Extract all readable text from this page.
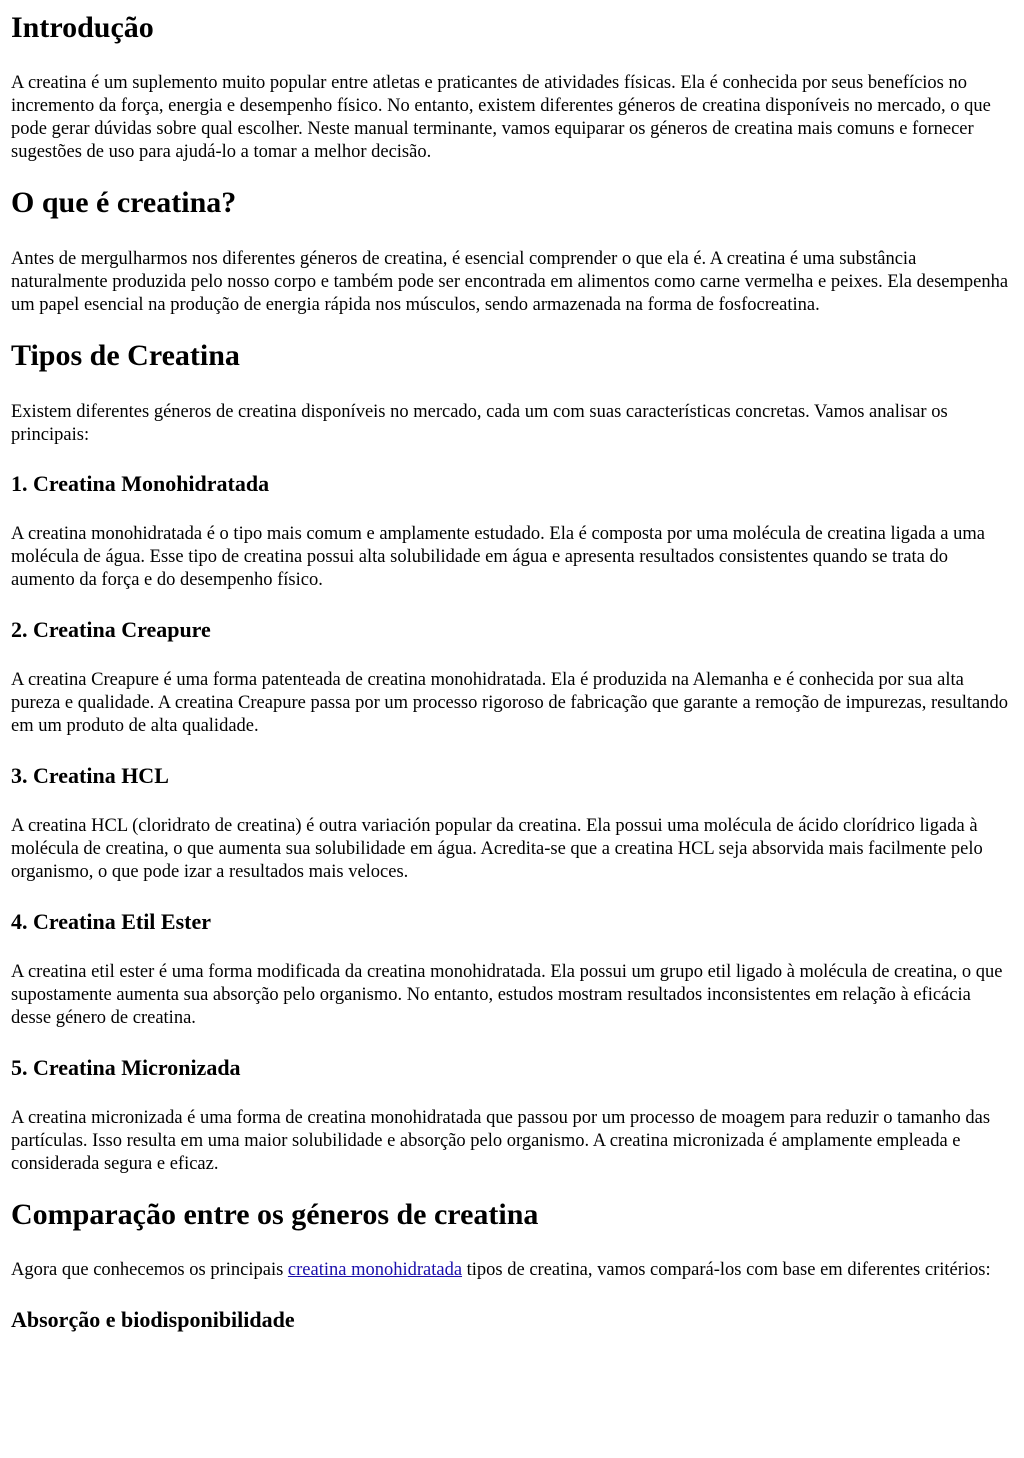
Introdução

A creatina é um suplemento muito popular entre atletas e praticantes de atividades físicas. Ela é conhecida por seus benefícios no incremento da força, energia e desempenho físico. No entanto, existem diferentes géneros de creatina disponíveis no mercado, o que pode gerar dúvidas sobre qual escolher. Neste manual terminante, vamos equiparar os géneros de creatina mais comuns e fornecer sugestões de uso para ajudá-lo a tomar a melhor decisão.

O que é creatina?

Antes de mergulharmos nos diferentes géneros de creatina, é esencial comprender o que ela é. A creatina é uma substância naturalmente produzida pelo nosso corpo e também pode ser encontrada em alimentos como carne vermelha e peixes. Ela desempenha um papel esencial na produção de energia rápida nos músculos, sendo armazenada na forma de fosfocreatina.

Tipos de Creatina

Existem diferentes géneros de creatina disponíveis no mercado, cada um com suas características concretas. Vamos analisar os principais:

1. Creatina Monohidratada

A creatina monohidratada é o tipo mais comum e amplamente estudado. Ela é composta por uma molécula de creatina ligada a uma molécula de água. Esse tipo de creatina possui alta solubilidade em água e apresenta resultados consistentes quando se trata do aumento da força e do desempenho físico.

2. Creatina Creapure

A creatina Creapure é uma forma patenteada de creatina monohidratada. Ela é produzida na Alemanha e é conhecida por sua alta pureza e qualidade. A creatina Creapure passa por um processo rigoroso de fabricação que garante a remoção de impurezas, resultando em um produto de alta qualidade.

3. Creatina HCL

A creatina HCL (cloridrato de creatina) é outra variación popular da creatina. Ela possui uma molécula de ácido clorídrico ligada à molécula de creatina, o que aumenta sua solubilidade em água. Acredita-se que a creatina HCL seja absorvida mais facilmente pelo organismo, o que pode izar a resultados mais veloces.

4. Creatina Etil Ester

A creatina etil ester é uma forma modificada da creatina monohidratada. Ela possui um grupo etil ligado à molécula de creatina, o que supostamente aumenta sua absorção pelo organismo. No entanto, estudos mostram resultados inconsistentes em relação à eficácia desse género de creatina.

5. Creatina Micronizada

A creatina micronizada é uma forma de creatina monohidratada que passou por um processo de moagem para reduzir o tamanho das partículas. Isso resulta em uma maior solubilidade e absorção pelo organismo. A creatina micronizada é amplamente empleada e considerada segura e eficaz.

Comparação entre os géneros de creatina

Agora que conhecemos os principais creatina monohidratada tipos de creatina, vamos compará-los com base em diferentes critérios:

Absorção e biodisponibilidade
